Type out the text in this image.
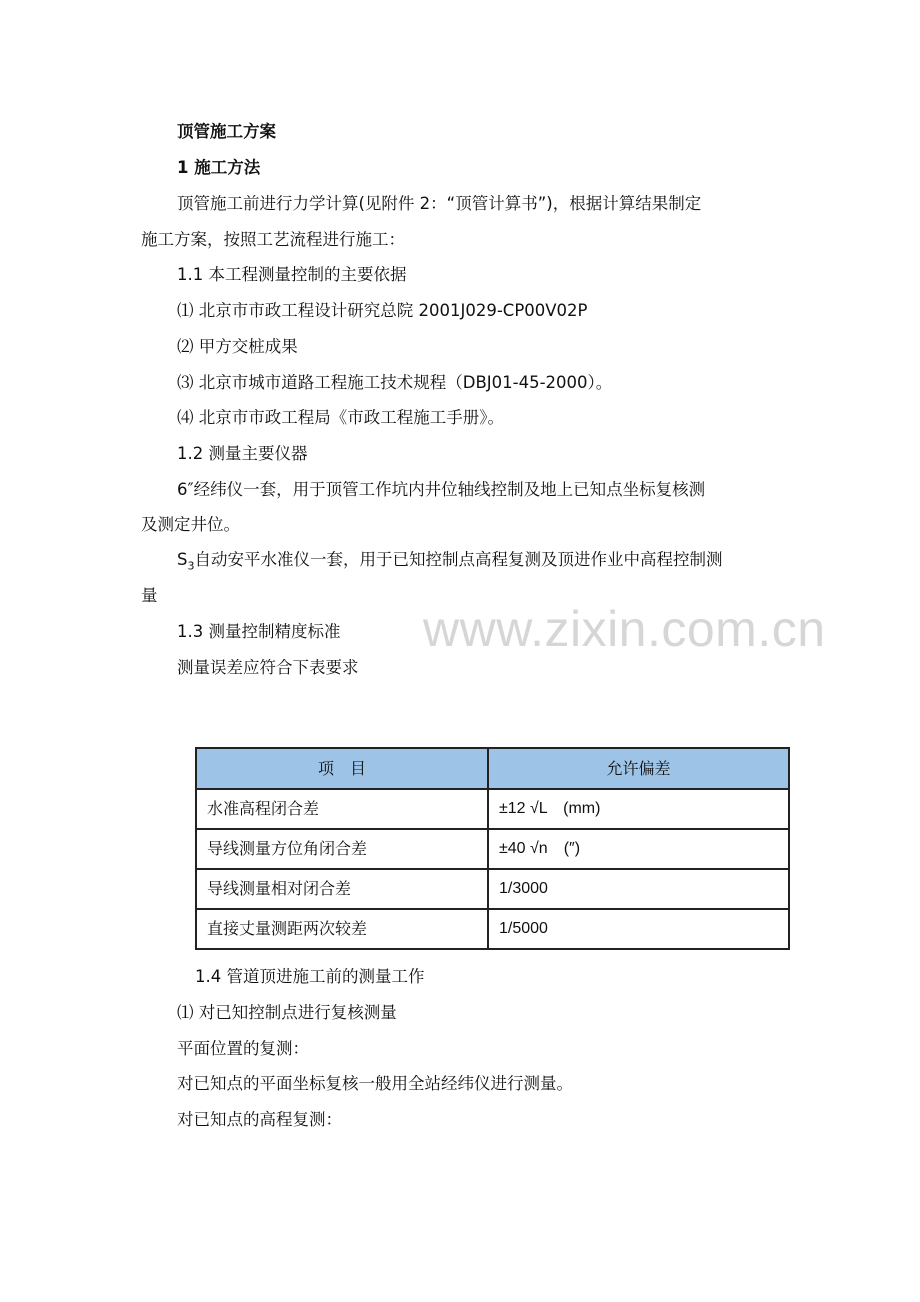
www.zixin.com.cn
顶管施工方案
1 施工方法
顶管施工前进行力学计算(见附件 2：“顶管计算书”)，根据计算结果制定
施工方案，按照工艺流程进行施工：
1.1 本工程测量控制的主要依据
⑴ 北京市市政工程设计研究总院 2001J029-CP00V02P
⑵ 甲方交桩成果
⑶ 北京市城市道路工程施工技术规程（DBJ01-45-2000）。
⑷ 北京市市政工程局《市政工程施工手册》。
1.2 测量主要仪器
6″经纬仪一套，用于顶管工作坑内井位轴线控制及地上已知点坐标复核测
及测定井位。
$S_3$自动安平水准仪一套，用于已知控制点高程复测及顶进作业中高程控制测
量
1.3 测量控制精度标准
测量误差应符合下表要求
项　目	允许偏差
水准高程闭合差	±12 √L　(mm)
导线测量方位角闭合差	±40 √n　(″)
导线测量相对闭合差	1/3000
直接丈量测距两次较差	1/5000
1.4 管道顶进施工前的测量工作
⑴ 对已知控制点进行复核测量
平面位置的复测：
对已知点的平面坐标复核一般用全站经纬仪进行测量。
对已知点的高程复测：
